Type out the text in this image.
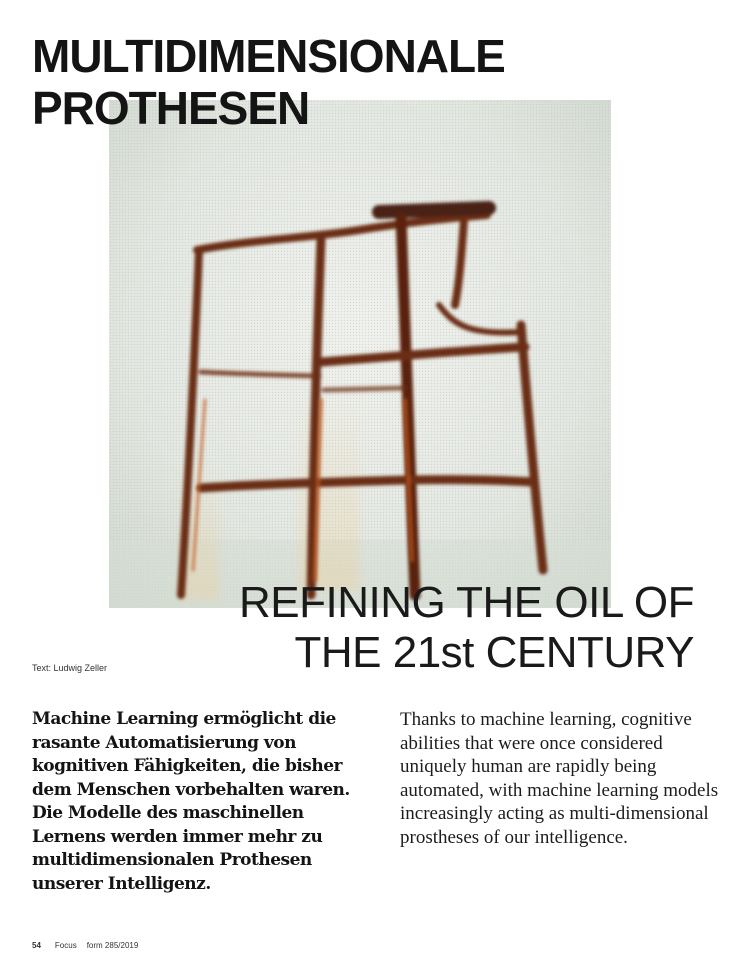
MULTIDIMENSIONALE
PROTHESEN
REFINING THE OIL OF
THE 21st CENTURY
Text: Ludwig Zeller

Machine Learning ermöglicht die rasante Automatisierung von kognitiven Fähigkeiten, die bisher dem Menschen vorbehalten waren. Die Modelle des maschinellen Lernens werden immer mehr zu multidimensionalen Prothesen unserer Intelligenz.

Thanks to machine learning, cognitive abilities that were once considered uniquely human are rapidly being automated, with machine learning models increasingly acting as multi-dimensional prostheses of our intelligence.

54 Focus form 285/2019
